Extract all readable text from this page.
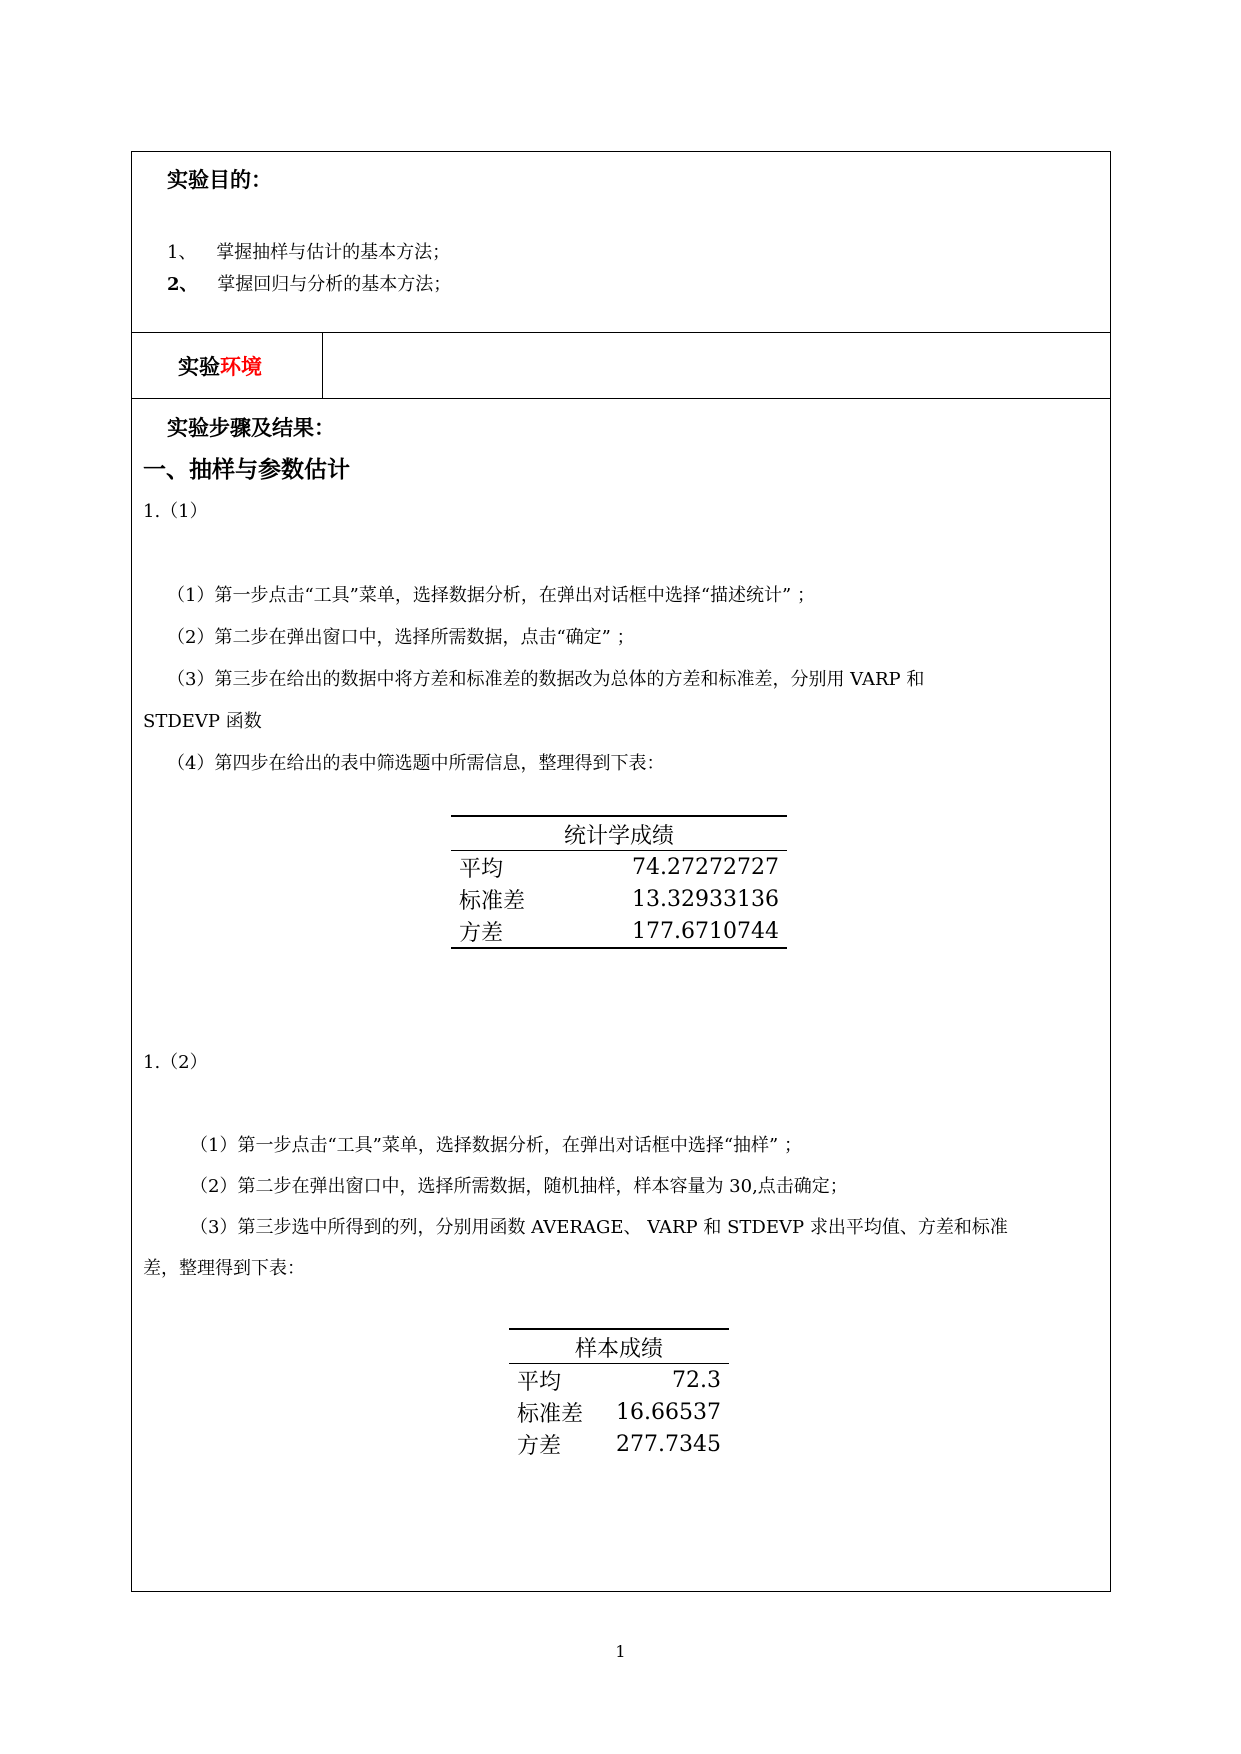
实验目的：
1、 掌握抽样与估计的基本方法；
2、 掌握回归与分析的基本方法；
实验环境
实验步骤及结果：
一、抽样与参数估计
1.（1）
（1）第一步点击“工具”菜单，选择数据分析，在弹出对话框中选择“描述统计” ；
（2）第二步在弹出窗口中，选择所需数据，点击“确定” ；
（3）第三步在给出的数据中将方差和标准差的数据改为总体的方差和标准差，分别用 VARP 和
STDEVP 函数
（4）第四步在给出的表中筛选题中所需信息，整理得到下表：
统计学成绩	
平均	74.27272727
标准差	13.32933136
方差	177.6710744
1.（2）
（1）第一步点击“工具”菜单，选择数据分析，在弹出对话框中选择“抽样” ；
（2）第二步在弹出窗口中，选择所需数据，随机抽样，样本容量为 30,点击确定；
（3）第三步选中所得到的列，分别用函数 AVERAGE、 VARP 和 STDEVP 求出平均值、方差和标准
差，整理得到下表：
样本成绩	
平均	72.3
标准差	16.66537
方差	277.7345
1
